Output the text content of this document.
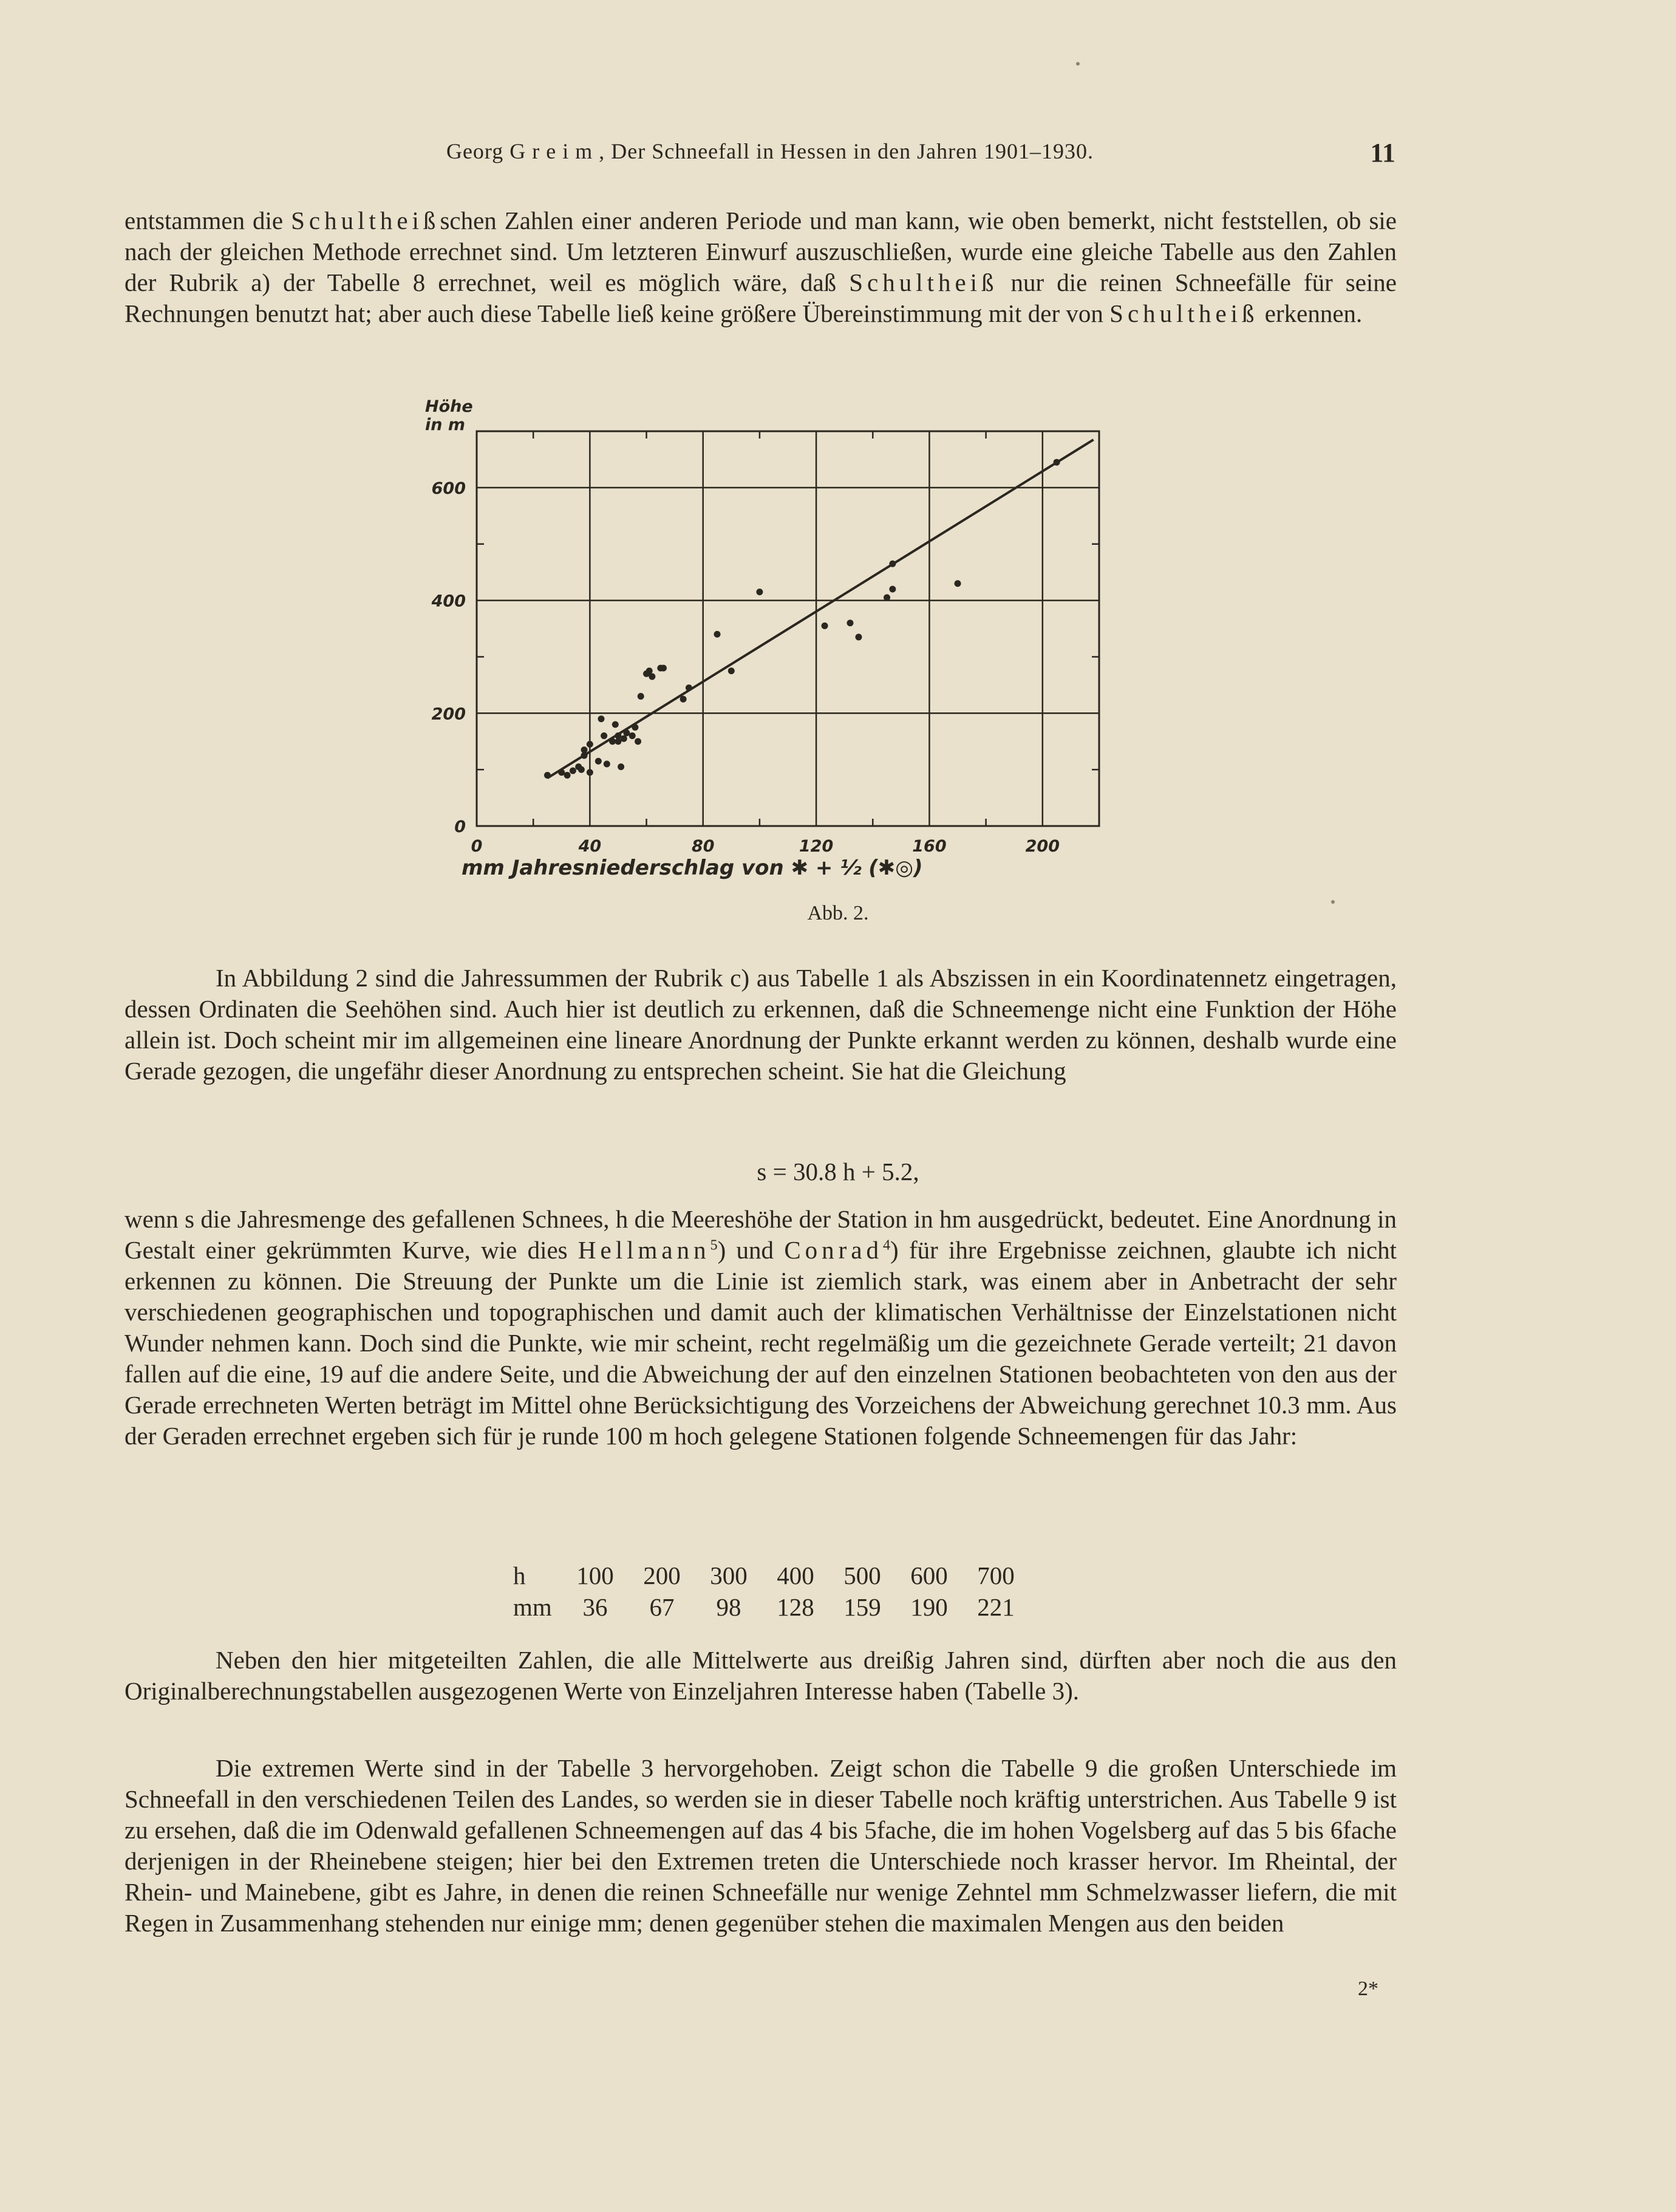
Georg G r e i m , Der Schneefall in Hessen in den Jahren 1901–1930.	11

entstammen die Schultheißschen Zahlen einer anderen Periode und man kann, wie oben bemerkt, nicht feststellen, ob sie nach der gleichen Methode errechnet sind. Um letzteren Einwurf auszuschließen, wurde eine gleiche Tabelle aus den Zahlen der Rubrik a) der Tabelle 8 errechnet, weil es möglich wäre, daß Schultheiß nur die reinen Schneefälle für seine Rechnungen benutzt hat; aber auch diese Tabelle ließ keine größere Übereinstimmung mit der von Schultheiß erkennen.

0	40	80	120	160	200
0
200
400
600
Höhe
in m
mm Jahresniederschlag von ✱ + ½ (✱◎)
Abb. 2.

In Abbildung 2 sind die Jahressummen der Rubrik c) aus Tabelle 1 als Abszissen in ein Koordinatennetz eingetragen, dessen Ordinaten die Seehöhen sind. Auch hier ist deutlich zu erkennen, daß die Schneemenge nicht eine Funktion der Höhe allein ist. Doch scheint mir im allgemeinen eine lineare Anordnung der Punkte erkannt werden zu können, deshalb wurde eine Gerade gezogen, die ungefähr dieser Anordnung zu entsprechen scheint. Sie hat die Gleichung

s = 30.8 h + 5.2,

wenn s die Jahresmenge des gefallenen Schnees, h die Meereshöhe der Station in hm ausgedrückt, bedeutet. Eine Anordnung in Gestalt einer gekrümmten Kurve, wie dies Hellmann$^5$) und Conrad$^4$) für ihre Ergebnisse zeichnen, glaubte ich nicht erkennen zu können. Die Streuung der Punkte um die Linie ist ziemlich stark, was einem aber in Anbetracht der sehr verschiedenen geographischen und topographischen und damit auch der klimatischen Verhältnisse der Einzelstationen nicht Wunder nehmen kann. Doch sind die Punkte, wie mir scheint, recht regelmäßig um die gezeichnete Gerade verteilt; 21 davon fallen auf die eine, 19 auf die andere Seite, und die Abweichung der auf den einzelnen Stationen beobachteten von den aus der Gerade errechneten Werten beträgt im Mittel ohne Berücksichtigung des Vorzeichens der Abweichung gerechnet 10.3 mm. Aus der Geraden errechnet ergeben sich für je runde 100 m hoch gelegene Stationen folgende Schneemengen für das Jahr:

h	100	200	300	400	500	600	700
mm	36	67	98	128	159	190	221

Neben den hier mitgeteilten Zahlen, die alle Mittelwerte aus dreißig Jahren sind, dürften aber noch die aus den Originalberechnungstabellen ausgezogenen Werte von Einzeljahren Interesse haben (Tabelle 3).

Die extremen Werte sind in der Tabelle 3 hervorgehoben. Zeigt schon die Tabelle 9 die großen Unterschiede im Schneefall in den verschiedenen Teilen des Landes, so werden sie in dieser Tabelle noch kräftig unterstrichen. Aus Tabelle 9 ist zu ersehen, daß die im Odenwald gefallenen Schneemengen auf das 4 bis 5fache, die im hohen Vogelsberg auf das 5 bis 6fache derjenigen in der Rheinebene steigen; hier bei den Extremen treten die Unterschiede noch krasser hervor. Im Rheintal, der Rhein- und Mainebene, gibt es Jahre, in denen die reinen Schneefälle nur wenige Zehntel mm Schmelzwasser liefern, die mit Regen in Zusammenhang stehenden nur einige mm; denen gegenüber stehen die maximalen Mengen aus den beiden

2*
